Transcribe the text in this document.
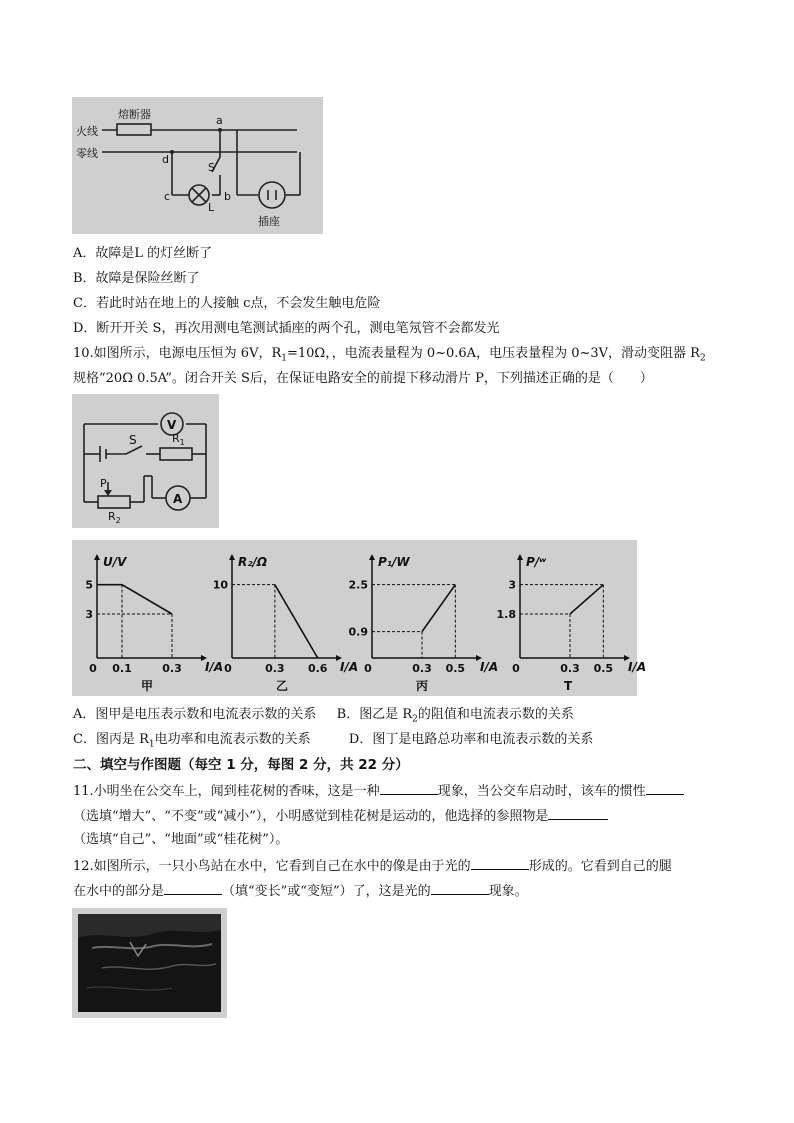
熔断器
火线
零线
a
d
S
c	b
L
插座
A．故障是L 的灯丝断了
B．故障是保险丝断了
C．若此时站在地上的人接触 c点，不会发生触电危险
D．断开开关 S，再次用测电笔测试插座的两个孔，测电笔氖管不会都发光
10.如图所示，电源电压恒为 6V，$R_1=10\Omega$，，电流表量程为 0~0.6A，电压表量程为 0~3V，滑动变阻器 $R_2$
规格“20Ω 0.5A”。闭合开关 S后，在保证电路安全的前提下移动滑片 P，下列描述正确的是（　　）
V
S	$R_1$
P
$R_2$
A
U/V
I/A
5
3
0 0.1	0.3
甲
R₂/Ω
I/A
10
0	0.3 0.6
乙
P₁/W
I/A
2.5
0.9
0	0.3 0.5
丙
P/ʷ
I/A
3
1.8
0	0.3 0.5
T
A．图甲是电压表示数和电流表示数的关系 B．图乙是 $R_2$的阻值和电流表示数的关系
C．图丙是 $R_1$电功率和电流表示数的关系	D．图丁是电路总功率和电流表示数的关系
二、填空与作图题（每空 1 分，每图 2 分，共 22 分）
11.小明坐在公交车上，闻到桂花树的香味，这是一种	现象，当公交车启动时，该车的惯性
（选填“增大”、“不变”或“减小”），小明感觉到桂花树是运动的，他选择的参照物是
（选填“自己”、“地面”或“桂花树”）。
12.如图所示，一只小鸟站在水中，它看到自己在水中的像是由于光的	形成的。它看到自己的腿
在水中的部分是	（填“变长”或“变短”）了，这是光的	现象。
